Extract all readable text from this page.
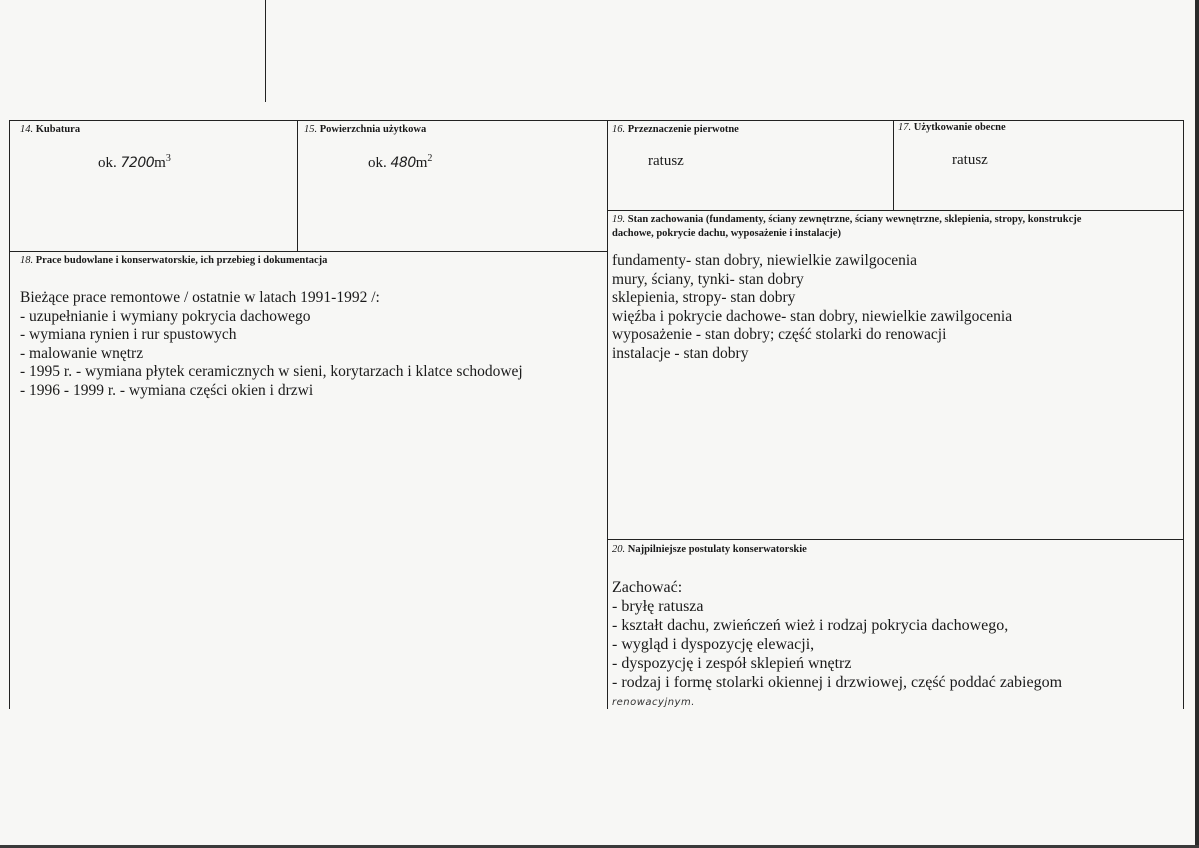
14. Kubatura
ok. $7200m^3$
15. Powierzchnia użytkowa
ok. $480m^2$
16. Przeznaczenie pierwotne
ratusz
17. Użytkowanie obecne
ratusz
19. Stan zachowania (fundamenty, ściany zewnętrzne, ściany wewnętrzne, sklepienia, stropy, konstrukcje
dachowe, pokrycie dachu, wyposażenie i instalacje)
fundamenty- stan dobry, niewielkie zawilgocenia
mury, ściany, tynki- stan dobry
sklepienia, stropy- stan dobry
więźba i pokrycie dachowe- stan dobry, niewielkie zawilgocenia
wyposażenie - stan dobry; część stolarki do renowacji
instalacje - stan dobry
18. Prace budowlane i konserwatorskie, ich przebieg i dokumentacja
Bieżące prace remontowe / ostatnie w latach 1991-1992 /:
- uzupełnianie i wymiany pokrycia dachowego
- wymiana rynien i rur spustowych
- malowanie wnętrz
- 1995 r. - wymiana płytek ceramicznych w sieni, korytarzach i klatce schodowej
- 1996 - 1999 r. - wymiana części okien i drzwi
20. Najpilniejsze postulaty konserwatorskie
Zachować:
- bryłę ratusza
- kształt dachu, zwieńczeń wież i rodzaj pokrycia dachowego,
- wygląd i dyspozycję elewacji,
- dyspozycję i zespół sklepień wnętrz
- rodzaj i formę stolarki okiennej i drzwiowej, część poddać zabiegom
renowacyjnym.
